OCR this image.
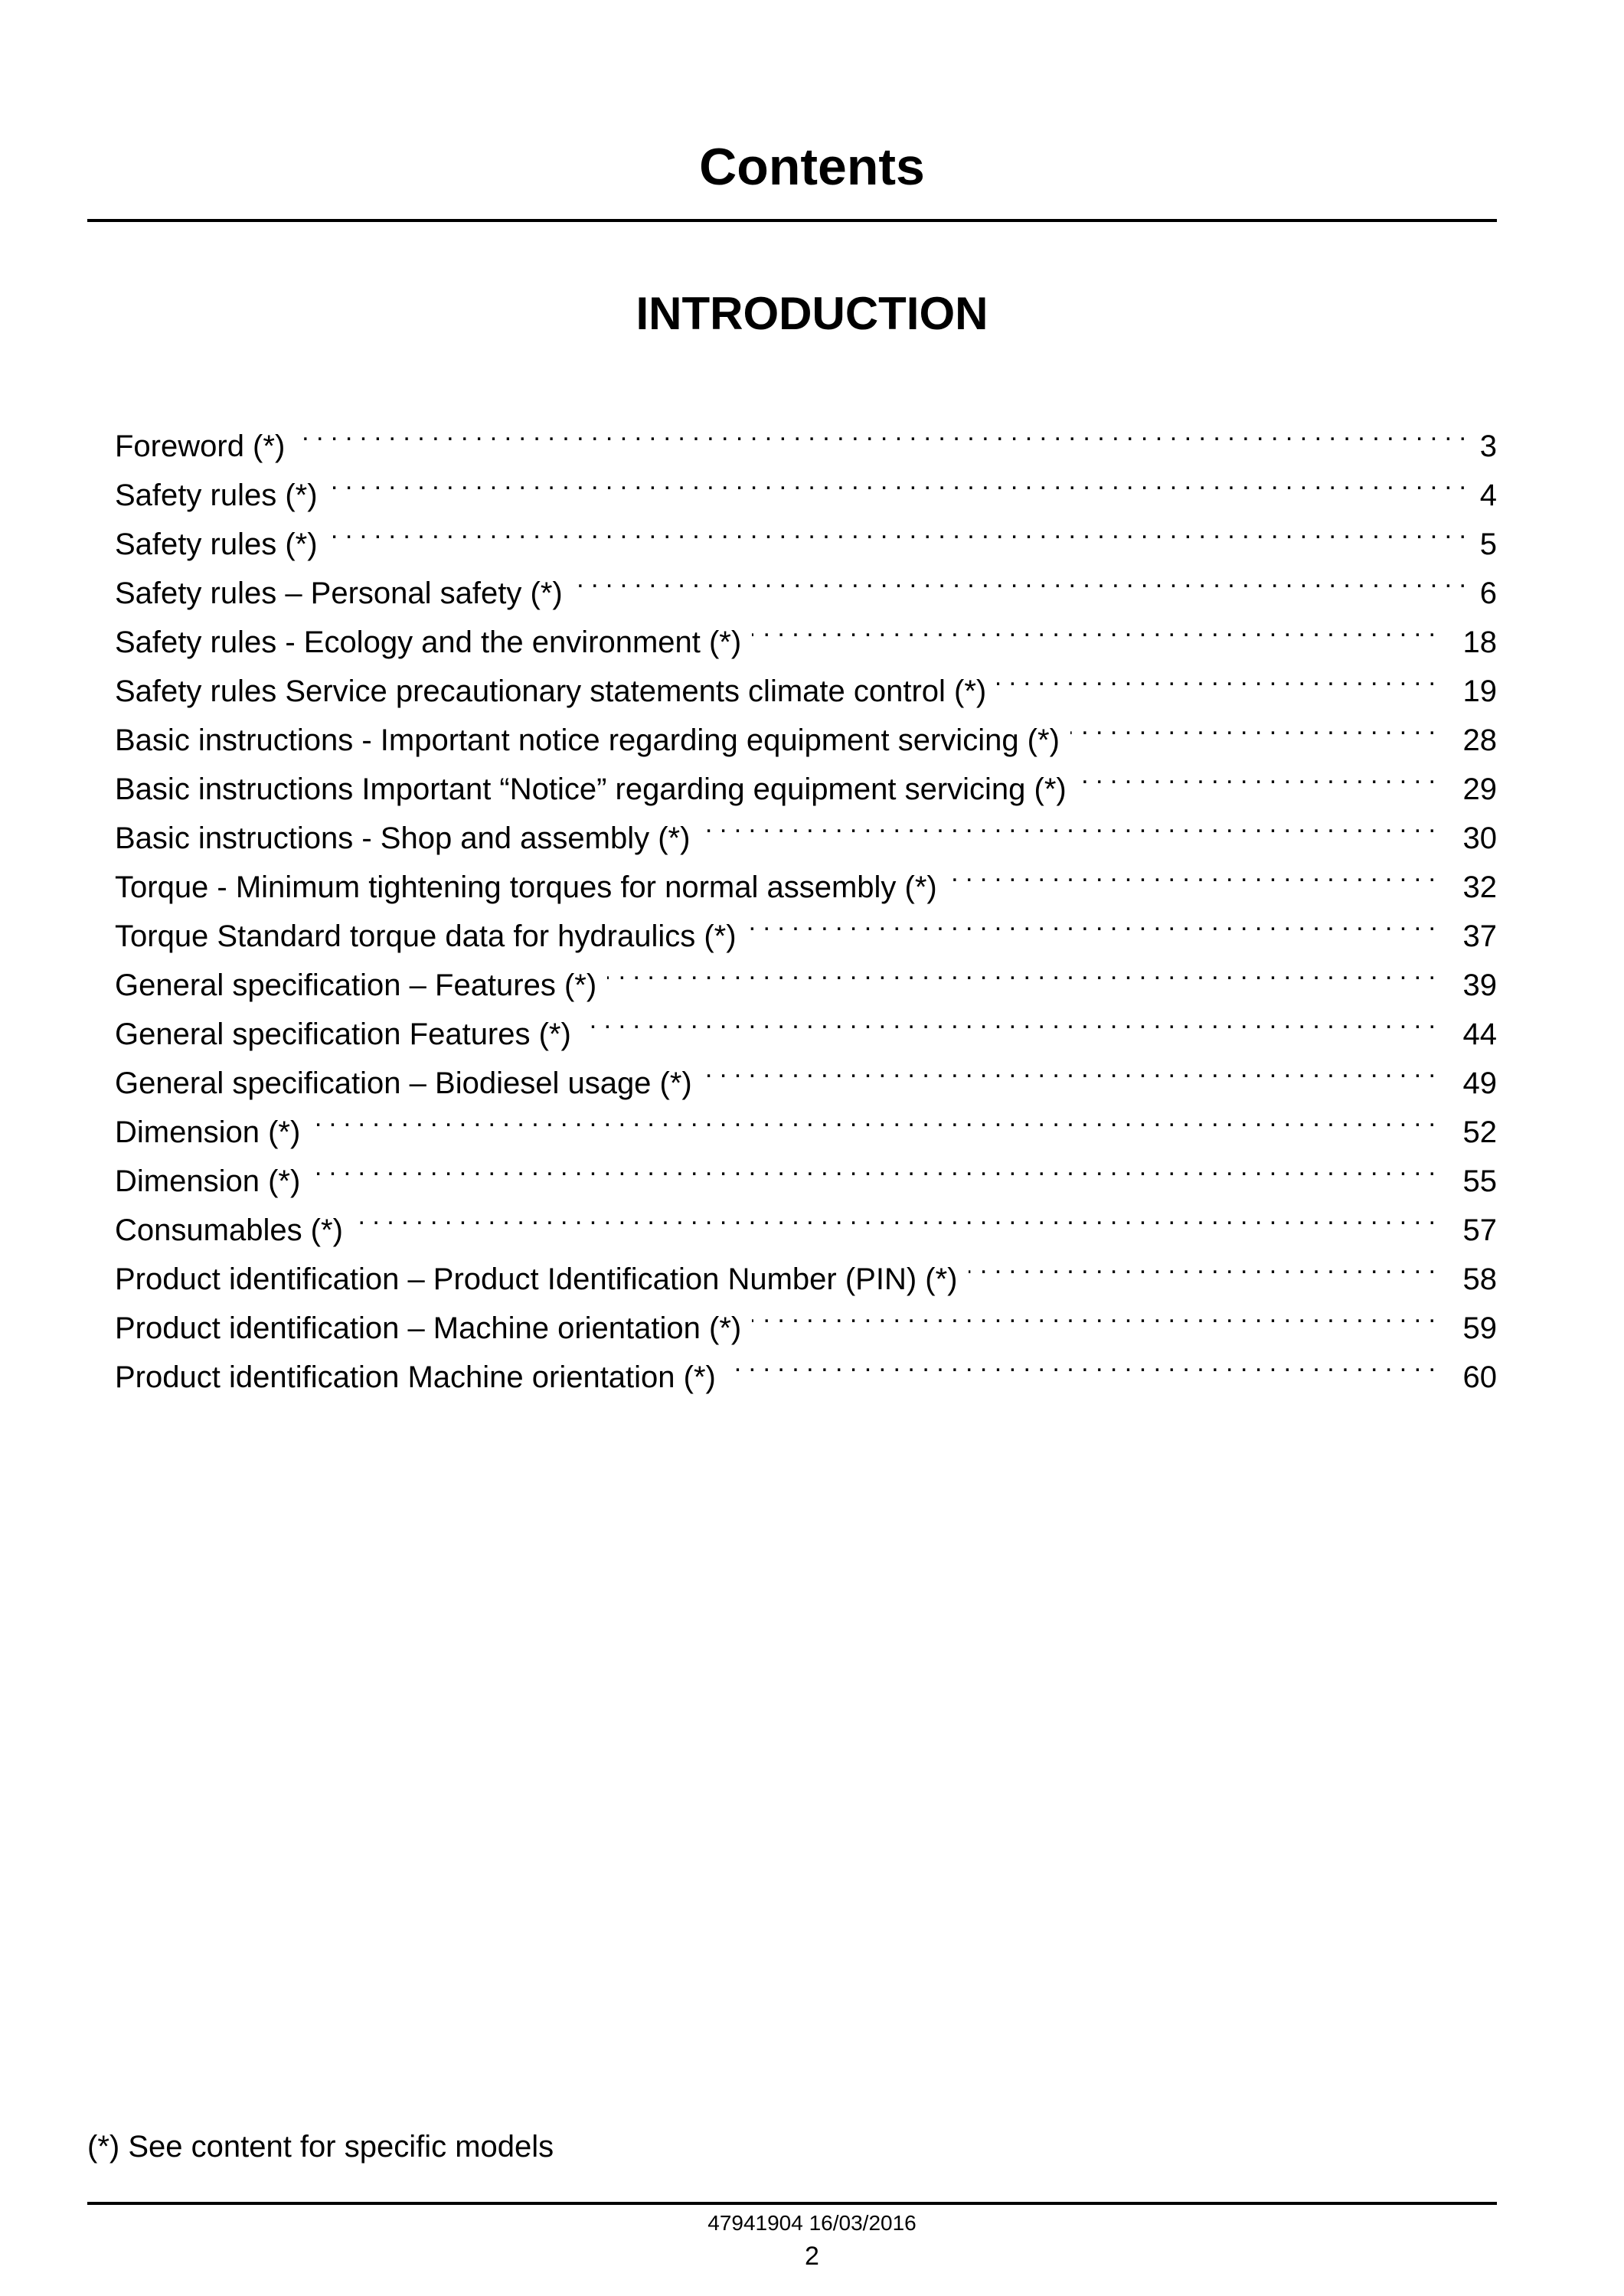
Contents
INTRODUCTION
Foreword (*) . . .	3
Safety rules (*) . . .	4
Safety rules (*) . . .	5
Safety rules – Personal safety (*) . . .	6
Safety rules - Ecology and the environment (*) . . .	18
Safety rules Service precautionary statements climate control (*) . . .	19
Basic instructions - Important notice regarding equipment servicing (*) . . .	28
Basic instructions Important “Notice” regarding equipment servicing (*) . . .	29
Basic instructions - Shop and assembly (*) . . .	30
Torque - Minimum tightening torques for normal assembly (*) . . .	32
Torque Standard torque data for hydraulics (*) . . .	37
General specification – Features (*) . . .	39
General specification Features (*) . . .	44
General specification – Biodiesel usage (*) . . .	49
Dimension (*) . . .	52
Dimension (*) . . .	55
Consumables (*) . . .	57
Product identification – Product Identification Number (PIN) (*) . . .	58
Product identification – Machine orientation (*) . . .	59
Product identification Machine orientation (*) . . .	60
(*) See content for specific models
47941904 16/03/2016
2
